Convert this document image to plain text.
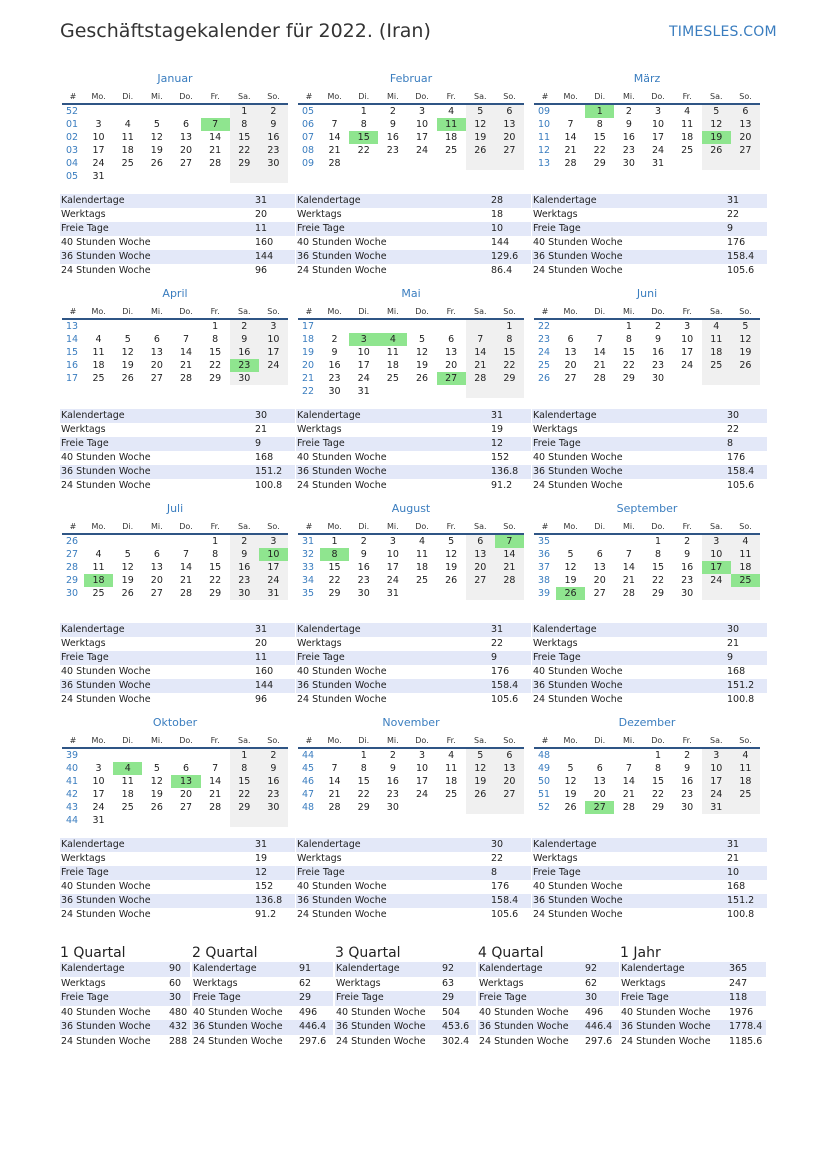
Geschäftstagekalender für 2022. (Iran)	TIMESLES.COM
Januar
#	Mo.	Di.	Mi.	Do.	Fr.	Sa.	So.
52						1	2
01	3	4	5	6	7	8	9
02	10	11	12	13	14	15	16
03	17	18	19	20	21	22	23
04	24	25	26	27	28	29	30
05	31						
Kalendertage	31
Werktags	20
Freie Tage	11
40 Stunden Woche	160
36 Stunden Woche	144
24 Stunden Woche	96
Februar
#	Mo.	Di.	Mi.	Do.	Fr.	Sa.	So.
05		1	2	3	4	5	6
06	7	8	9	10	11	12	13
07	14	15	16	17	18	19	20
08	21	22	23	24	25	26	27
09	28						
Kalendertage	28
Werktags	18
Freie Tage	10
40 Stunden Woche	144
36 Stunden Woche	129.6
24 Stunden Woche	86.4
März
#	Mo.	Di.	Mi.	Do.	Fr.	Sa.	So.
09		1	2	3	4	5	6
10	7	8	9	10	11	12	13
11	14	15	16	17	18	19	20
12	21	22	23	24	25	26	27
13	28	29	30	31			
Kalendertage	31
Werktags	22
Freie Tage	9
40 Stunden Woche	176
36 Stunden Woche	158.4
24 Stunden Woche	105.6
April
#	Mo.	Di.	Mi.	Do.	Fr.	Sa.	So.
13					1	2	3
14	4	5	6	7	8	9	10
15	11	12	13	14	15	16	17
16	18	19	20	21	22	23	24
17	25	26	27	28	29	30	
Kalendertage	30
Werktags	21
Freie Tage	9
40 Stunden Woche	168
36 Stunden Woche	151.2
24 Stunden Woche	100.8
Mai
#	Mo.	Di.	Mi.	Do.	Fr.	Sa.	So.
17							1
18	2	3	4	5	6	7	8
19	9	10	11	12	13	14	15
20	16	17	18	19	20	21	22
21	23	24	25	26	27	28	29
22	30	31					
Kalendertage	31
Werktags	19
Freie Tage	12
40 Stunden Woche	152
36 Stunden Woche	136.8
24 Stunden Woche	91.2
Juni
#	Mo.	Di.	Mi.	Do.	Fr.	Sa.	So.
22			1	2	3	4	5
23	6	7	8	9	10	11	12
24	13	14	15	16	17	18	19
25	20	21	22	23	24	25	26
26	27	28	29	30			
Kalendertage	30
Werktags	22
Freie Tage	8
40 Stunden Woche	176
36 Stunden Woche	158.4
24 Stunden Woche	105.6
Juli
#	Mo.	Di.	Mi.	Do.	Fr.	Sa.	So.
26					1	2	3
27	4	5	6	7	8	9	10
28	11	12	13	14	15	16	17
29	18	19	20	21	22	23	24
30	25	26	27	28	29	30	31
Kalendertage	31
Werktags	20
Freie Tage	11
40 Stunden Woche	160
36 Stunden Woche	144
24 Stunden Woche	96
August
#	Mo.	Di.	Mi.	Do.	Fr.	Sa.	So.
31	1	2	3	4	5	6	7
32	8	9	10	11	12	13	14
33	15	16	17	18	19	20	21
34	22	23	24	25	26	27	28
35	29	30	31				
Kalendertage	31
Werktags	22
Freie Tage	9
40 Stunden Woche	176
36 Stunden Woche	158.4
24 Stunden Woche	105.6
September
#	Mo.	Di.	Mi.	Do.	Fr.	Sa.	So.
35				1	2	3	4
36	5	6	7	8	9	10	11
37	12	13	14	15	16	17	18
38	19	20	21	22	23	24	25
39	26	27	28	29	30		
Kalendertage	30
Werktags	21
Freie Tage	9
40 Stunden Woche	168
36 Stunden Woche	151.2
24 Stunden Woche	100.8
Oktober
#	Mo.	Di.	Mi.	Do.	Fr.	Sa.	So.
39						1	2
40	3	4	5	6	7	8	9
41	10	11	12	13	14	15	16
42	17	18	19	20	21	22	23
43	24	25	26	27	28	29	30
44	31						
Kalendertage	31
Werktags	19
Freie Tage	12
40 Stunden Woche	152
36 Stunden Woche	136.8
24 Stunden Woche	91.2
November
#	Mo.	Di.	Mi.	Do.	Fr.	Sa.	So.
44		1	2	3	4	5	6
45	7	8	9	10	11	12	13
46	14	15	16	17	18	19	20
47	21	22	23	24	25	26	27
48	28	29	30				
Kalendertage	30
Werktags	22
Freie Tage	8
40 Stunden Woche	176
36 Stunden Woche	158.4
24 Stunden Woche	105.6
Dezember
#	Mo.	Di.	Mi.	Do.	Fr.	Sa.	So.
48				1	2	3	4
49	5	6	7	8	9	10	11
50	12	13	14	15	16	17	18
51	19	20	21	22	23	24	25
52	26	27	28	29	30	31	
Kalendertage	31
Werktags	21
Freie Tage	10
40 Stunden Woche	168
36 Stunden Woche	151.2
24 Stunden Woche	100.8
1 Quartal
Kalendertage	90
Werktags	60
Freie Tage	30
40 Stunden Woche	480
36 Stunden Woche	432
24 Stunden Woche	288
2 Quartal
Kalendertage	91
Werktags	62
Freie Tage	29
40 Stunden Woche	496
36 Stunden Woche	446.4
24 Stunden Woche	297.6
3 Quartal
Kalendertage	92
Werktags	63
Freie Tage	29
40 Stunden Woche	504
36 Stunden Woche	453.6
24 Stunden Woche	302.4
4 Quartal
Kalendertage	92
Werktags	62
Freie Tage	30
40 Stunden Woche	496
36 Stunden Woche	446.4
24 Stunden Woche	297.6
1 Jahr
Kalendertage	365
Werktags	247
Freie Tage	118
40 Stunden Woche	1976
36 Stunden Woche	1778.4
24 Stunden Woche	1185.6
